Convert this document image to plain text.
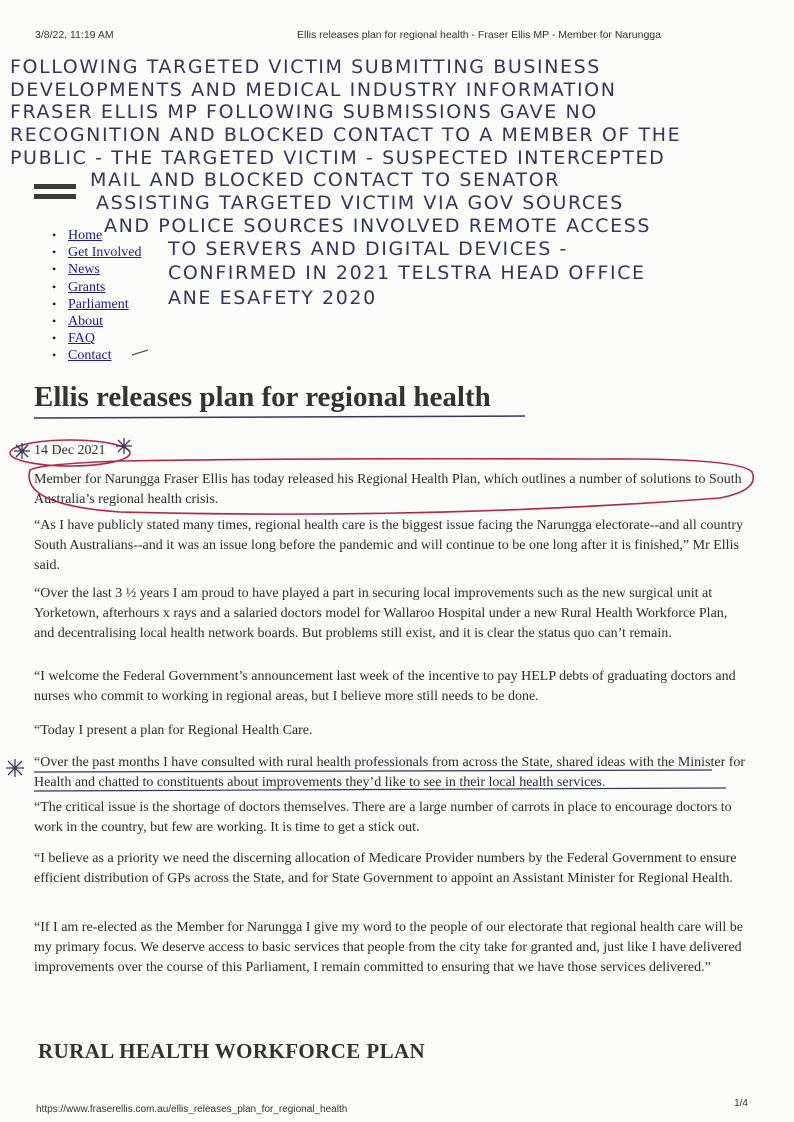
3/8/22, 11:19 AM	Ellis releases plan for regional health - Fraser Ellis MP - Member for Narungga
FOLLOWING TARGETED VICTIM SUBMITTING BUSINESS
DEVELOPMENTS AND MEDICAL INDUSTRY INFORMATION
FRASER ELLIS MP FOLLOWING SUBMISSIONS GAVE NO
RECOGNITION AND BLOCKED CONTACT TO A MEMBER OF THE
PUBLIC - THE TARGETED VICTIM - SUSPECTED INTERCEPTED
MAIL AND BLOCKED CONTACT TO SENATOR
ASSISTING TARGETED VICTIM VIA GOV SOURCES
AND POLICE SOURCES INVOLVED REMOTE ACCESS
TO SERVERS AND DIGITAL DEVICES -
CONFIRMED IN 2021 TELSTRA HEAD OFFICE
ANE ESAFETY 2020
• Home
• Get Involved
• News
• Grants
• Parliament
• About
• FAQ
• Contact
Ellis releases plan for regional health
14 Dec 2021

Member for Narungga Fraser Ellis has today released his Regional Health Plan, which outlines a number of solutions to South Australia’s regional health crisis.

“As I have publicly stated many times, regional health care is the biggest issue facing the Narungga electorate--and all country South Australians--and it was an issue long before the pandemic and will continue to be one long after it is finished,” Mr Ellis said.

“Over the last 3 ½ years I am proud to have played a part in securing local improvements such as the new surgical unit at Yorketown, afterhours x rays and a salaried doctors model for Wallaroo Hospital under a new Rural Health Workforce Plan, and decentralising local health network boards. But problems still exist, and it is clear the status quo can’t remain.

“I welcome the Federal Government’s announcement last week of the incentive to pay HELP debts of graduating doctors and nurses who commit to working in regional areas, but I believe more still needs to be done.

“Today I present a plan for Regional Health Care.

“Over the past months I have consulted with rural health professionals from across the State, shared ideas with the Minister for Health and chatted to constituents about improvements they’d like to see in their local health services.

“The critical issue is the shortage of doctors themselves. There are a large number of carrots in place to encourage doctors to work in the country, but few are working. It is time to get a stick out.

“I believe as a priority we need the discerning allocation of Medicare Provider numbers by the Federal Government to ensure efficient distribution of GPs across the State, and for State Government to appoint an Assistant Minister for Regional Health.

“If I am re-elected as the Member for Narungga I give my word to the people of our electorate that regional health care will be my primary focus. We deserve access to basic services that people from the city take for granted and, just like I have delivered improvements over the course of this Parliament, I remain committed to ensuring that we have those services delivered.”

RURAL HEALTH WORKFORCE PLAN
https://www.fraserellis.com.au/ellis_releases_plan_for_regional_health
1/4
